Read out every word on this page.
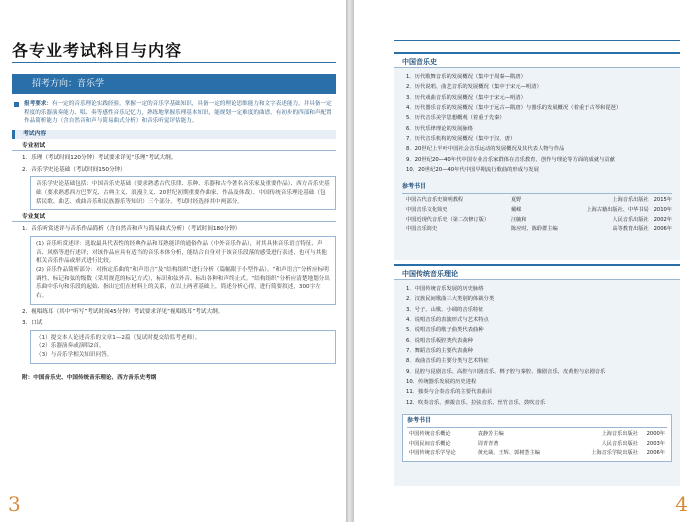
各专业考试科目与内容
招考方向：音乐学
报考要求：有一定的音乐理论实践经验，掌握一定的音乐学基础知识，具备一定的理论思维能力和文字表述能力，并具备一定程度的乐器演奏能力、唱、奏等感性音乐记忆力，熟练地掌握乐理基本知识，能规划一定难度的曲谱、有初步的四部和声配置作品简析能力（含自然音和声与简易曲式分析）和音乐听觉评估能力。
考试内容
专业初试
1．乐理（考试时间120分钟）考试要求详见“乐理”考试大纲。
2．音乐学史论基础（考试时间150分钟）
音乐学史论基础包括：中国音乐史基础（要求熟悉古代乐律、乐种、乐器和古今著名音乐家及重要作品）、西方音乐史基础（要求熟悉西方巴罗克、古典主义、浪漫主义、20世纪初期重要作曲家、作品及体裁）、中国传统音乐理论基础（包括民歌、曲艺、戏曲音乐和民族器乐等知识）三个部分，考试时经选择其中两部分。
专业复试
1．音乐听赏述评与音乐作品简析（含自然音和声与简易曲式分析）（考试时间180分钟）
(1) 音乐听赏述评：选取最具代表性的经典作品和耳熟能详的通俗作品（中外音乐作品），对其具体音乐语言特征、声音、风格等进行述评；对该作品应具有适当的音乐本体分析，能结合自身对于该音乐段落的感受进行表述，也可与其他相关音乐作品或形式进行比较。
(2) 音乐作品简析部分：对指定乐曲的“和声语言”及“结构组织”进行分析（篇幅限于小型作品）。“和声语言”分析应标明调性、标记和弦的级数（采用规范的标记方式），标识和弦外音、标出各种和声终止式。“结构组织”分析应清楚地划分出乐曲中乐句和乐段的起始、指出它们在材料上的关系，在以上两者基础上，简述分析心得，进行简要叙述，300字左右。
2．视唱练耳（其中“听写”考试时间45分钟）考试要求详见“视唱练耳”考试大纲。
3．口试
（1）提交本人论述音乐的文章1—2篇（复试时提交给监考老师）。
（2）乐器演奏或演唱2首。
（3）与音乐学相关知识问答。
附：中国音乐史、中国传统音乐理论、西方音乐史考纲
3
中国音乐史
1．历代歌舞音乐的发展概况（集中于周秦—隋唐）
2．历代说唱、曲艺音乐的发展概况（集中于宋元—明清）
3．历代戏曲音乐的发展概况（集中于宋元—明清）
4．历代器乐音乐的发展概况（集中于远古—隋唐）与器乐的发展概况（着重于古琴和琵琶）
5．历代音乐美学思想概观（着重于先秦）
6．历代乐律理论的发展脉络
7．历代音乐机构的发展概况（集中于汉、唐）
8．20世纪上半叶中国社会音乐运动的发展概况及其代表人物与作品
9．20世纪20—40年代中国专业音乐家群体在音乐教育、创作与理论等方面的成就与贡献
10．20世纪20—40年代中国早期流行歌曲的形成与发展
参考书目
中国古代音乐史简明教程	夏野	上海音乐出版社	2015年
中国音乐文化简史	戴嵘	上海古籍出版社、中华书局	2010年
中国近现代音乐史（第二次修订版）	汪毓和	人民音乐出版社	2002年
中国音乐简史	陈应时、陈聆群主编	高等教育出版社	2006年
中国传统音乐理论
1．中国传统音乐发展的历史脉络
2．汉族民间歌曲三大类别的体裁分类
3．号子、山歌、小调的音乐特征
4．说唱音乐的表演形式与艺术特点
5．说唱音乐的歌子曲类代表曲种
6．说唱音乐板腔类代表曲种
7．舞蹈音乐的主要代表曲种
8．戏曲音乐的主要分类与艺术特征
9．昆腔与昆剧音乐、高腔与川剧音乐、梆子腔与秦腔、豫剧音乐、皮黄腔与京剧音乐
10．传统器乐发展的历史进程
11．独奏与合奏音乐的主要代表曲目
12．吹奏音乐、弹拨音乐、拉弦音乐、丝竹音乐、鼓吹音乐
参考书目
中国传统音乐概论	袁静芳主编	上海音乐出版社	2000年
中国民间音乐概论	周青青著	人民音乐出版社	2003年
中国传统音乐学导论	黄允箴、王辉、郭树荟主编	上海音乐学院出版社	2006年
4
